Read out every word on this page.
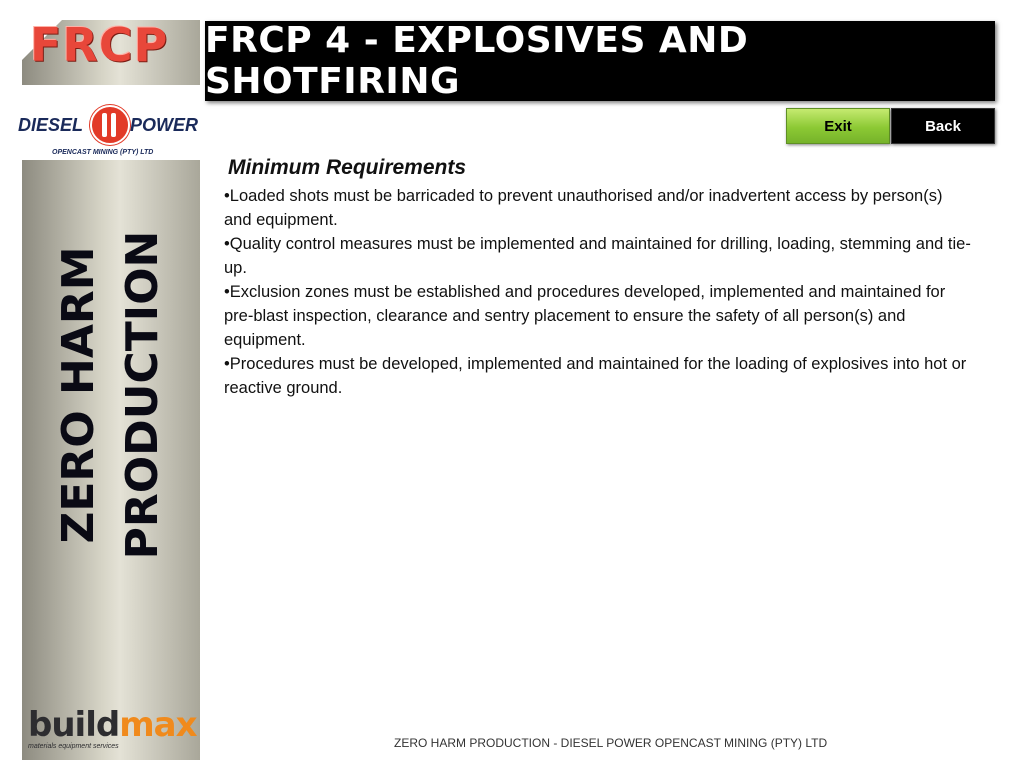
FRCP
DIESEL	POWER
OPENCAST MINING (PTY) LTD
ZERO HARM PRODUCTION
buildmax
materials equipment services
FRCP 4 - EXPLOSIVES AND SHOTFIRING
Exit	Back
Minimum Requirements

•Loaded shots must be barricaded to prevent unauthorised and/or inadvertent access by person(s) and equipment.

•Quality control measures must be implemented and maintained for drilling, loading, stemming and tie-up.

•Exclusion zones must be established and procedures developed, implemented and maintained for pre-blast inspection, clearance and sentry placement to ensure the safety of all person(s) and equipment.

•Procedures must be developed, implemented and maintained for the loading of explosives into hot or reactive ground.

ZERO HARM PRODUCTION - DIESEL POWER OPENCAST MINING (PTY) LTD
